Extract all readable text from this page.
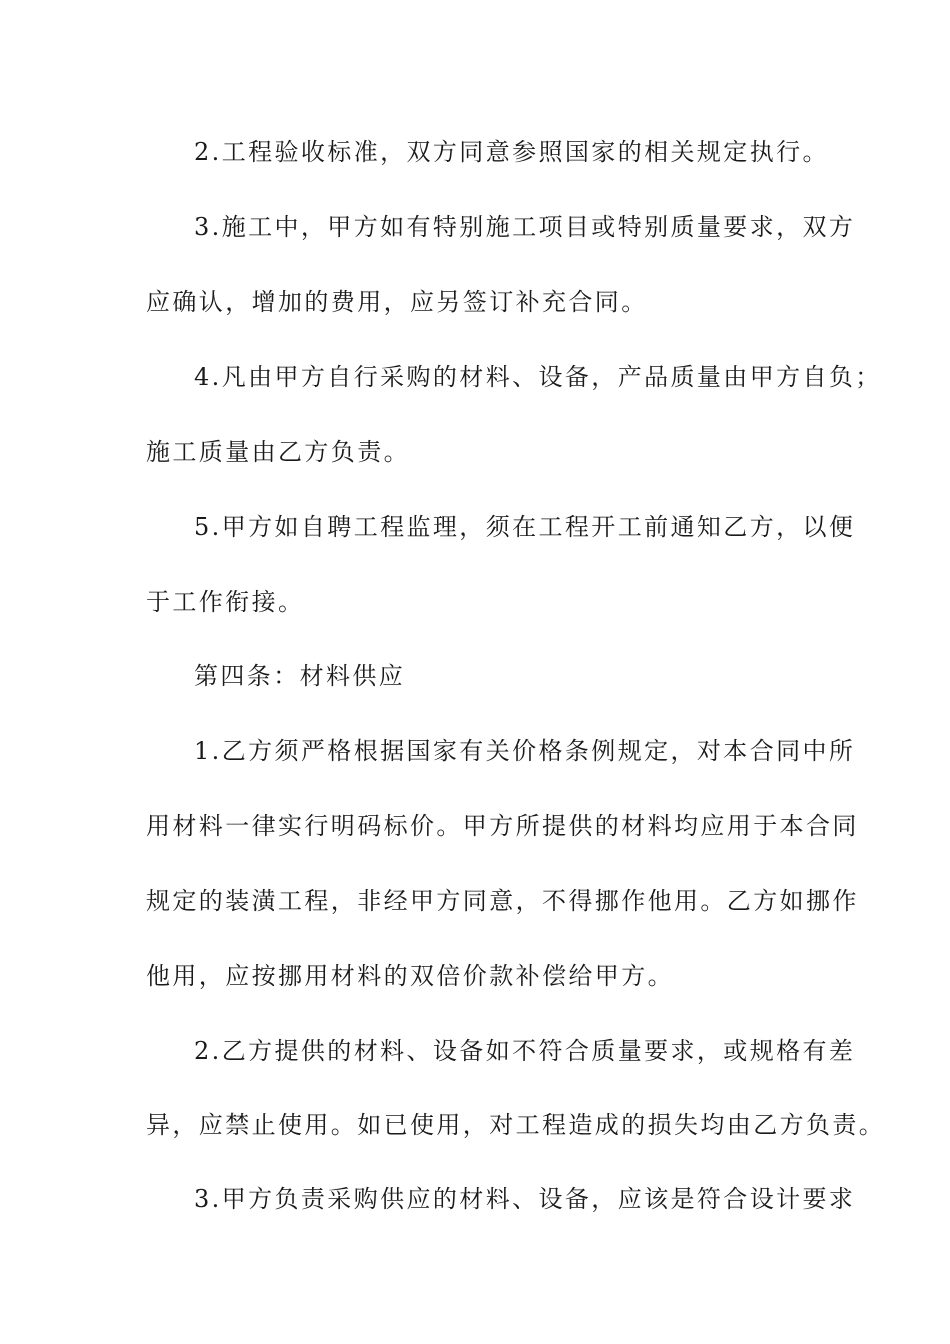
2.工程验收标准，双方同意参照国家的相关规定执行。
3.施工中，甲方如有特别施工项目或特别质量要求，双方
应确认，增加的费用，应另签订补充合同。
4.凡由甲方自行采购的材料、设备，产品质量由甲方自负；
施工质量由乙方负责。
5.甲方如自聘工程监理，须在工程开工前通知乙方，以便
于工作衔接。
第四条：材料供应
1.乙方须严格根据国家有关价格条例规定，对本合同中所
用材料一律实行明码标价。甲方所提供的材料均应用于本合同
规定的装潢工程，非经甲方同意，不得挪作他用。乙方如挪作
他用，应按挪用材料的双倍价款补偿给甲方。
2.乙方提供的材料、设备如不符合质量要求，或规格有差
异，应禁止使用。如已使用，对工程造成的损失均由乙方负责。
3.甲方负责采购供应的材料、设备，应该是符合设计要求
